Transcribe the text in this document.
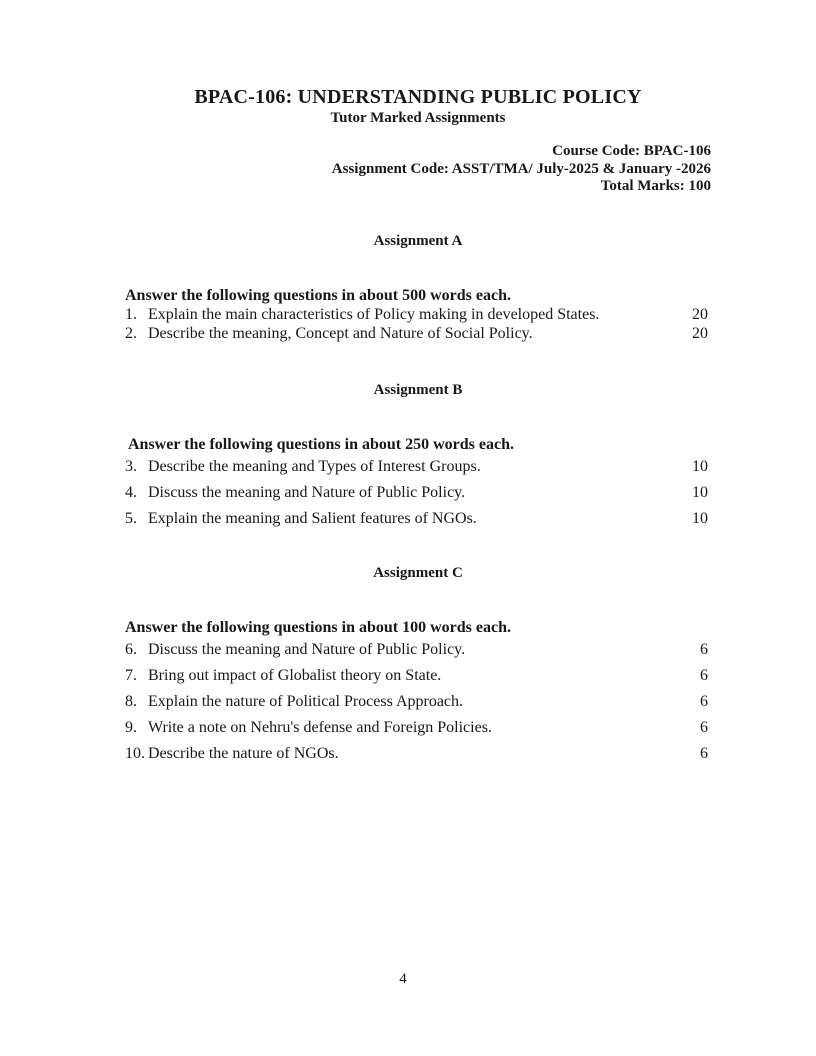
BPAC-106: UNDERSTANDING PUBLIC POLICY
Tutor Marked Assignments
Course Code: BPAC-106
Assignment Code: ASST/TMA/ July-2025 & January -2026
Total Marks: 100
Assignment A
Answer the following questions in about 500 words each.
1. Explain the main characteristics of Policy making in developed States.	20
2. Describe the meaning, Concept and Nature of Social Policy.	20
Assignment B
Answer the following questions in about 250 words each.
3. Describe the meaning and Types of Interest Groups.	10
4. Discuss the meaning and Nature of Public Policy.	10
5. Explain the meaning and Salient features of NGOs.	10
Assignment C
Answer the following questions in about 100 words each.
6. Discuss the meaning and Nature of Public Policy.	6
7. Bring out impact of Globalist theory on State.	6
8. Explain the nature of Political Process Approach.	6
9. Write a note on Nehru's defense and Foreign Policies.	6
10. Describe the nature of NGOs.	6
4
